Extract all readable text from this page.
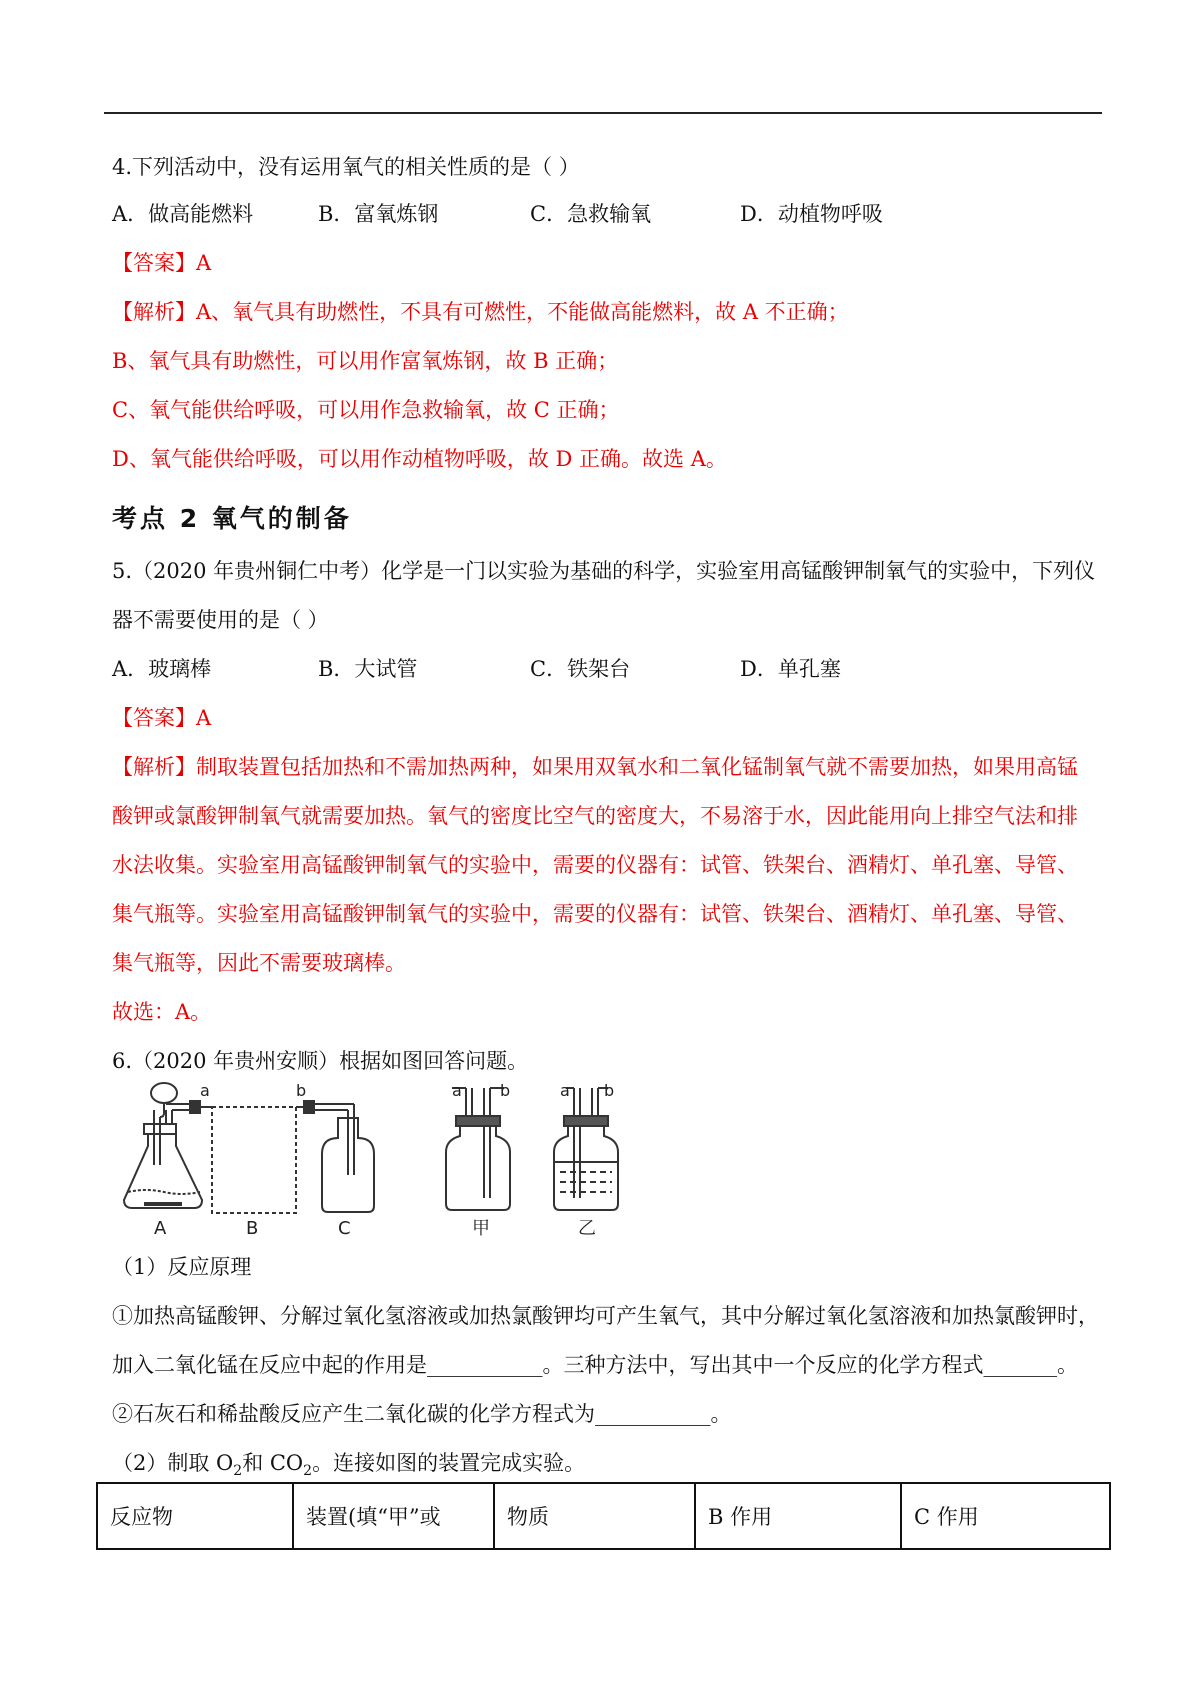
4.下列活动中，没有运用氧气的相关性质的是（ ）
A．做高能燃料	B．富氧炼钢	C．急救输氧	D．动植物呼吸
【答案】A
【解析】A、氧气具有助燃性，不具有可燃性，不能做高能燃料，故 A 不正确；
B、氧气具有助燃性，可以用作富氧炼钢，故 B 正确；
C、氧气能供给呼吸，可以用作急救输氧，故 C 正确；
D、氧气能供给呼吸，可以用作动植物呼吸，故 D 正确。故选 A。
考点 2 氧气的制备
5.（2020 年贵州铜仁中考）化学是一门以实验为基础的科学，实验室用高锰酸钾制氧气的实验中，下列仪
器不需要使用的是（ ）
A．玻璃棒	B．大试管	C．铁架台	D．单孔塞
【答案】A
【解析】制取装置包括加热和不需加热两种，如果用双氧水和二氧化锰制氧气就不需要加热，如果用高锰
酸钾或氯酸钾制氧气就需要加热。氧气的密度比空气的密度大，不易溶于水，因此能用向上排空气法和排
水法收集。实验室用高锰酸钾制氧气的实验中，需要的仪器有：试管、铁架台、酒精灯、单孔塞、导管、
集气瓶等。实验室用高锰酸钾制氧气的实验中，需要的仪器有：试管、铁架台、酒精灯、单孔塞、导管、
集气瓶等，因此不需要玻璃棒。
故选：A。
6.（2020 年贵州安顺）根据如图回答问题。
a	b
A	B	C
a b
甲
a b
乙
（1）反应原理
①加热高锰酸钾、分解过氧化氢溶液或加热氯酸钾均可产生氧气，其中分解过氧化氢溶液和加热氯酸钾时，
加入二氧化锰在反应中起的作用是___________。三种方法中，写出其中一个反应的化学方程式_______。
②石灰石和稀盐酸反应产生二氧化碳的化学方程式为___________。
（2）制取 $O_2$和 $CO_2$。连接如图的装置完成实验。
反应物	装置(填“甲”或	物质	B 作用	C 作用
